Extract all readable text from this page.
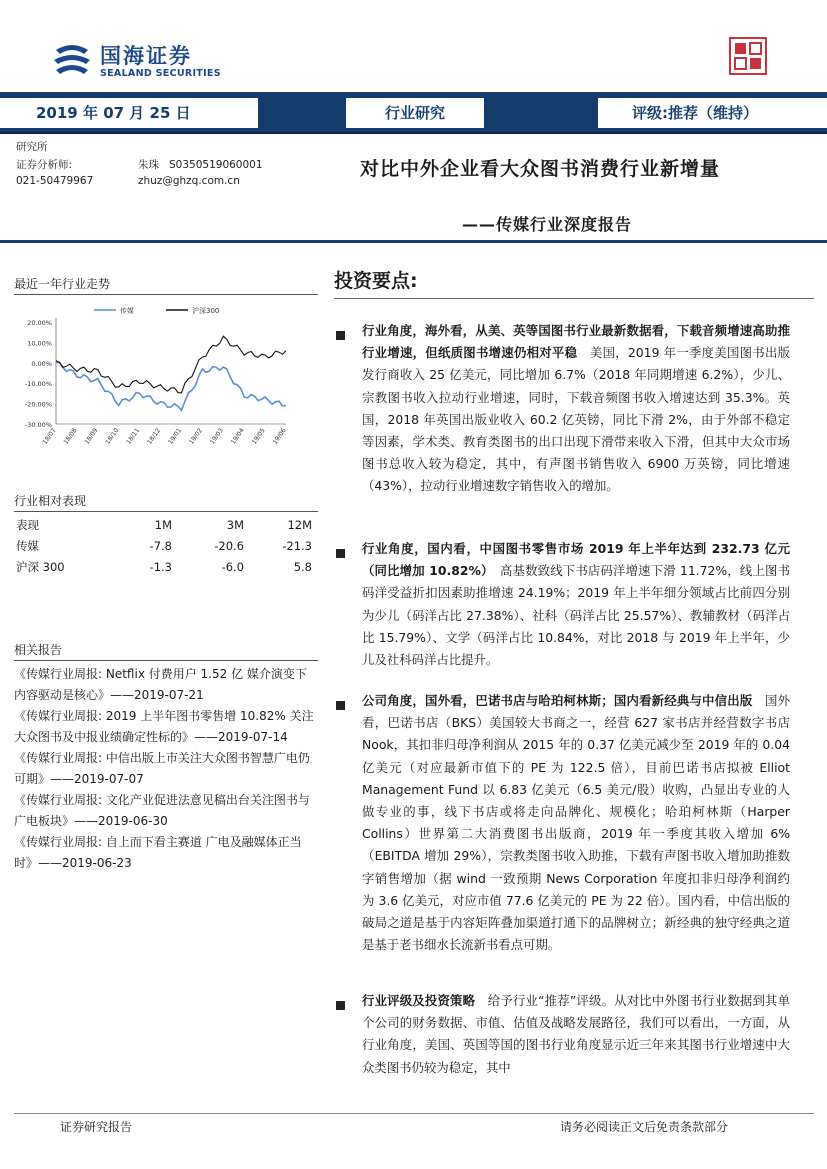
国海证券
SEALAND SECURITIES
2019 年 07 月 25 日	行业研究	评级:推荐（维持）
研究所
证券分析师:	朱珠 S0350519060001
021-50479967	zhuz@ghzq.com.cn
对比中外企业看大众图书消费行业新增量
——传媒行业深度报告
最近一年行业走势
20.00%
10.00%
0.00%
-10.00%
-20.00%
-30.00%
18/07 18/08 18/09 18/10 18/11 18/12 19/01 19/02 19/03 19/04 19/05 19/06
传媒	沪深300
行业相对表现
表现	1M	3M	12M
传媒	-7.8	-20.6	-21.3
沪深 300	-1.3	-6.0	5.8
相关报告
《传媒行业周报: Netflix 付费用户 1.52 亿 媒介演变下内容驱动是核心》——2019-07-21
《传媒行业周报: 2019 上半年图书零售增 10.82% 关注大众图书及中报业绩确定性标的》——2019-07-14
《传媒行业周报: 中信出版上市关注大众图书智慧广电仍可期》——2019-07-07
《传媒行业周报: 文化产业促进法意见稿出台关注图书与广电板块》——2019-06-30
《传媒行业周报: 自上而下看主赛道 广电及融媒体正当时》——2019-06-23
投资要点:
行业角度，海外看，从美、英等国图书行业最新数据看，下载音频增速高助推行业增速，但纸质图书增速仍相对平稳　美国，2019 年一季度美国图书出版发行商收入 25 亿美元，同比增加 6.7%（2018 年同期增速 6.2%），少儿、宗教图书收入拉动行业增速，同时，下载音频图书收入增速达到 35.3%。英国，2018 年英国出版业收入 60.2 亿英镑，同比下滑 2%，由于外部不稳定等因素，学术类、教育类图书的出口出现下滑带来收入下滑，但其中大众市场图书总收入较为稳定，其中，有声图书销售收入 6900 万英镑，同比增速（43%），拉动行业增速数字销售收入的增加。
行业角度，国内看，中国图书零售市场 2019 年上半年达到 232.73 亿元（同比增加 10.82%）　高基数致线下书店码洋增速下滑 11.72%，线上图书码洋受益折扣因素助推增速 24.19%；2019 年上半年细分领域占比前四分别为少儿（码洋占比 27.38%）、社科（码洋占比 25.57%）、教辅教材（码洋占比 15.79%）、文学（码洋占比 10.84%，对比 2018 与 2019 年上半年，少儿及社科码洋占比提升。
公司角度，国外看，巴诺书店与哈珀柯林斯；国内看新经典与中信出版　国外看，巴诺书店（BKS）美国较大书商之一，经营 627 家书店并经营数字书店 Nook，其扣非归母净利润从 2015 年的 0.37 亿美元减少至 2019 年的 0.04 亿美元（对应最新市值下的 PE 为 122.5 倍），目前巴诺书店拟被 Elliot Management Fund 以 6.83 亿美元（6.5 美元/股）收购，凸显出专业的人做专业的事，线下书店或将走向品牌化、规模化；哈珀柯林斯（Harper Collins）世界第二大消费图书出版商，2019 年一季度其收入增加 6%（EBITDA 增加 29%），宗教类图书收入助推，下载有声图书收入增加助推数字销售增加（据 wind 一致预期 News Corporation 年度扣非归母净利润约为 3.6 亿美元，对应市值 77.6 亿美元的 PE 为 22 倍）。国内看，中信出版的破局之道是基于内容矩阵叠加渠道打通下的品牌树立；新经典的独守经典之道是基于老书细水长流新书看点可期。
行业评级及投资策略　给予行业“推荐”评级。从对比中外图书行业数据到其单个公司的财务数据、市值、估值及战略发展路径，我们可以看出，一方面，从行业角度，美国、英国等国的图书行业角度显示近三年来其图书行业增速中大众类图书仍较为稳定，其中
证券研究报告	请务必阅读正文后免责条款部分
